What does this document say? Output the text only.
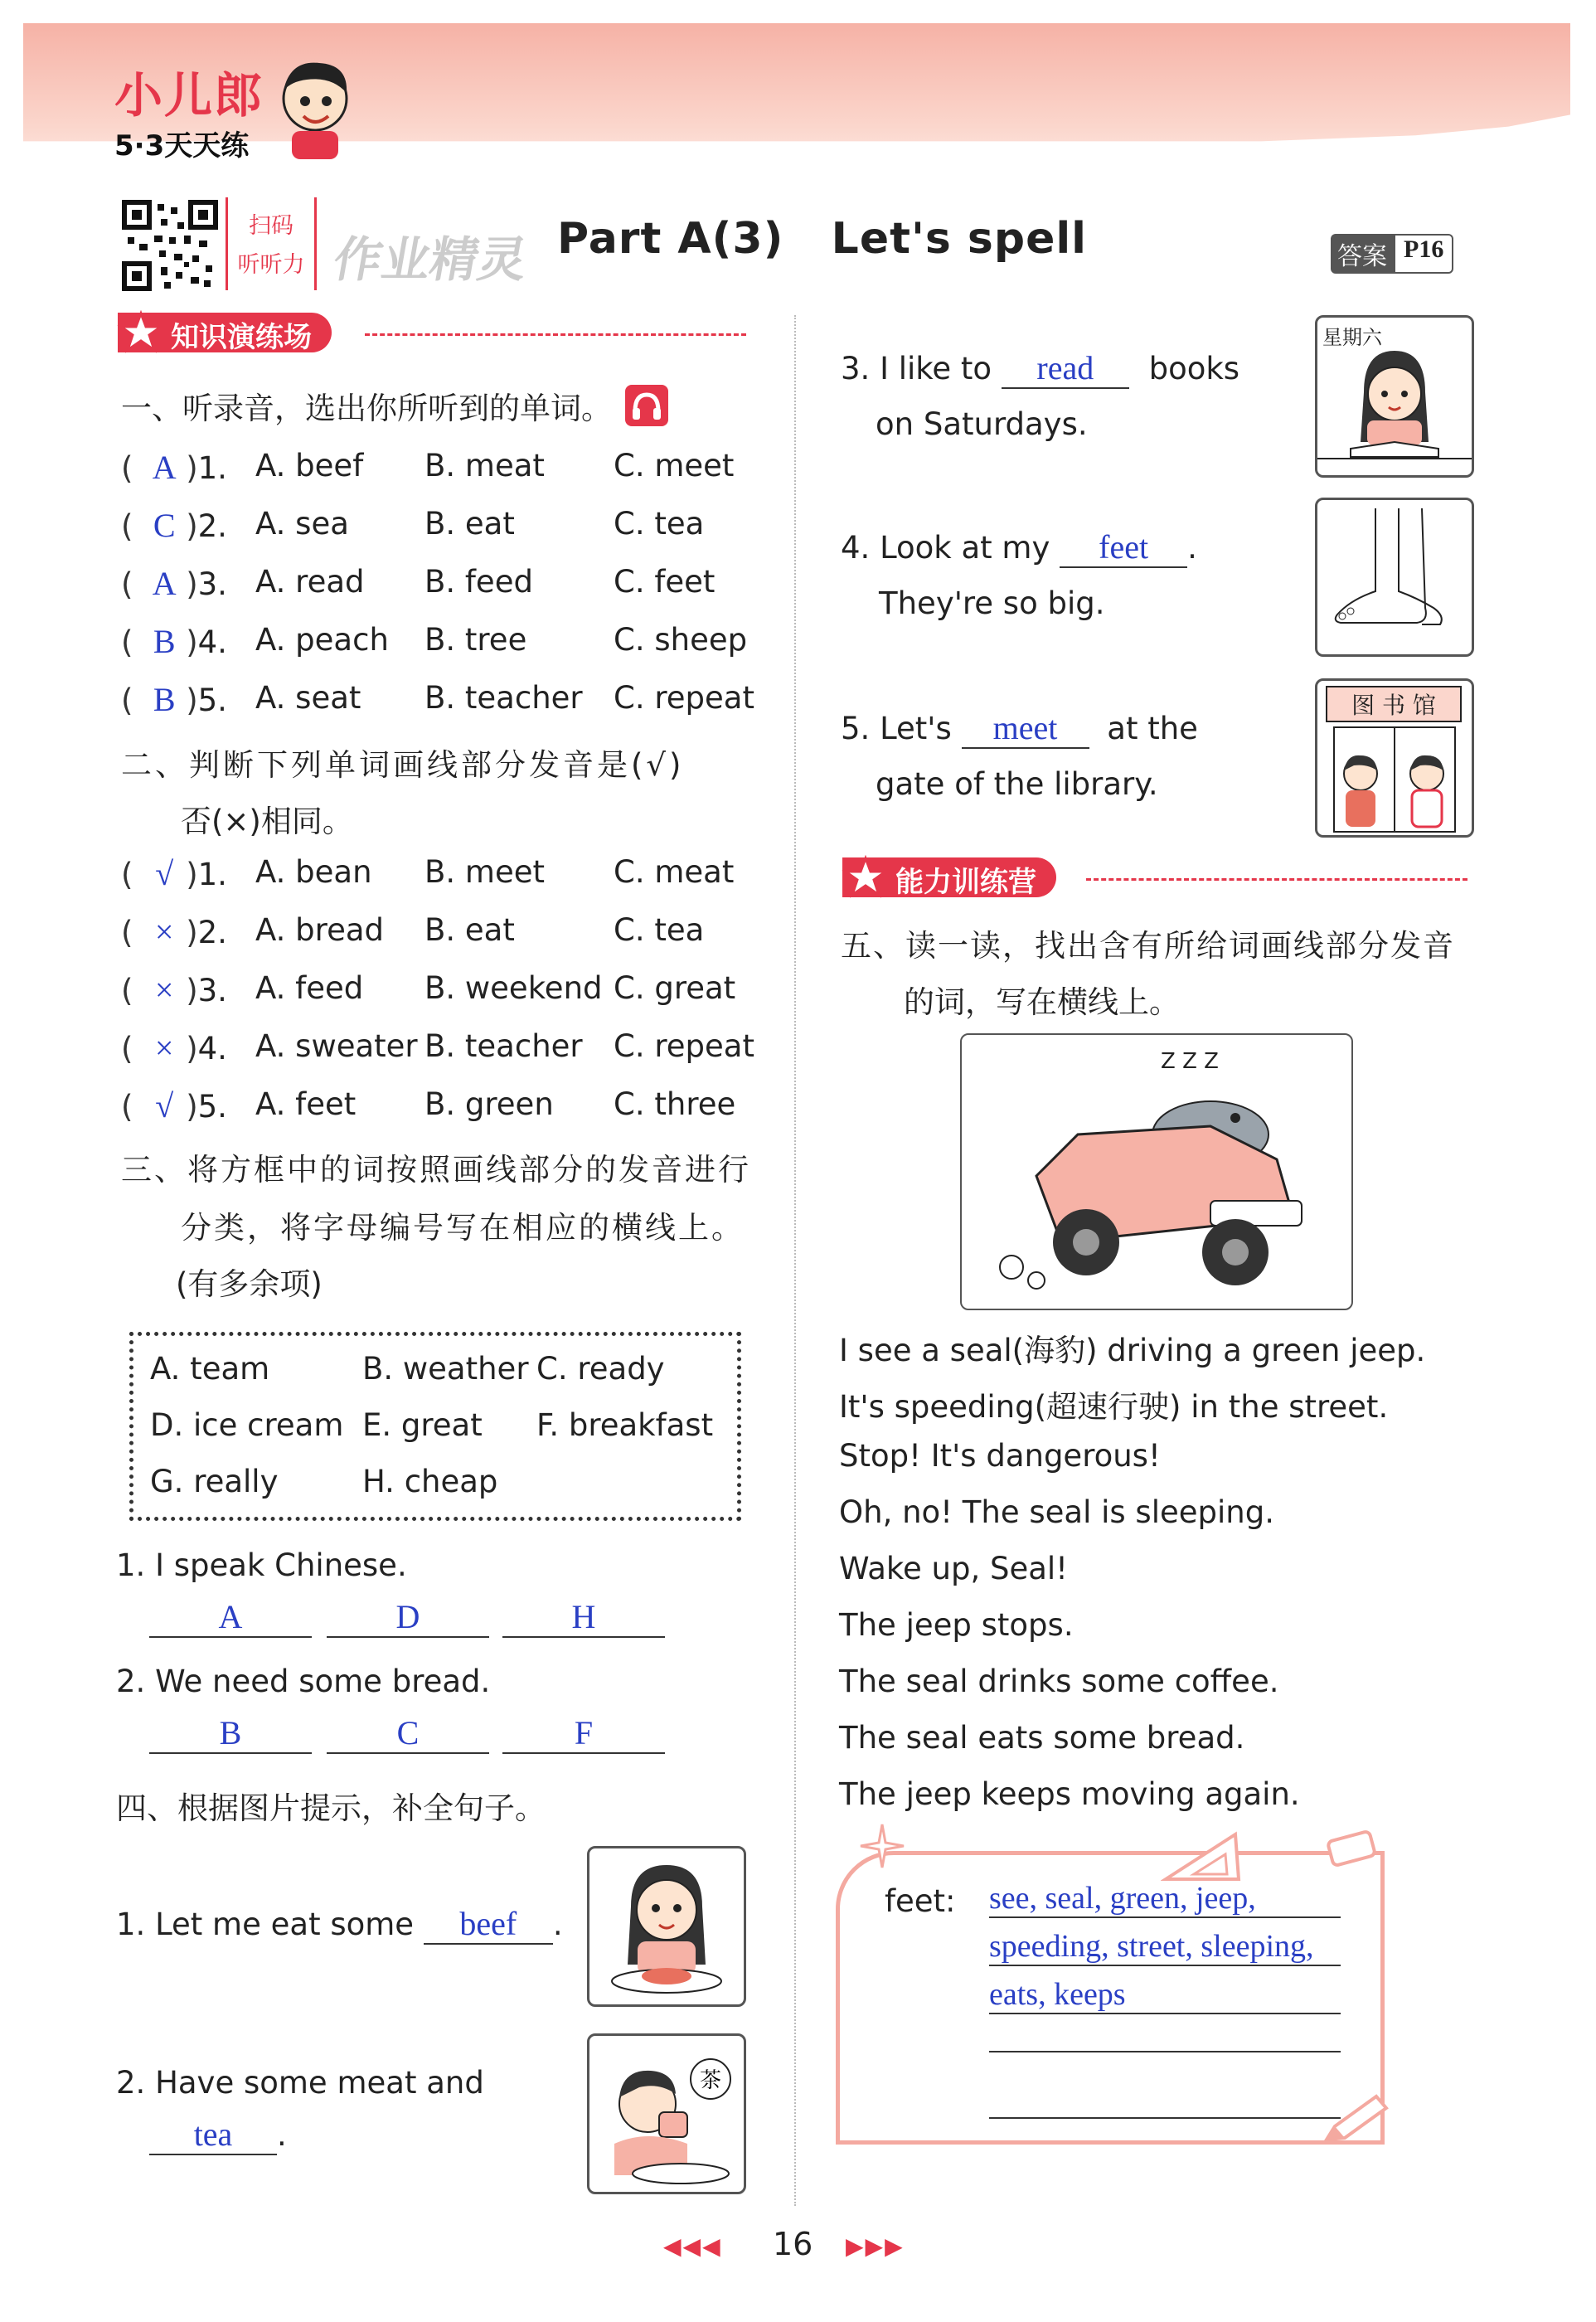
小儿郎
5·3天天练
扫码
听听力 作业精灵 Part A(3)   Let's spell	答案 P16
知识演练场
一、听录音，选出你所听到的单词。
( A )1. A. beef B. meat C. meet
( C )2. A. sea B. eat	C. tea
( A )3. A. read B. feed	C. feet
( B )4. A. peach B. tree	C. sheep
( B )5. A. seat B. teacher C. repeat
二、判断下列单词画线部分发音是(√)
否(×)相同。
( √ )1. A. bean B. meet C. meat
( × )2. A. bread B. eat	C. tea
( × )3. A. feed B. weekend C. great
( × )4. A. sweater B. teacher C. repeat
( √ )5. A. feet B. green C. three
三、将方框中的词按照画线部分的发音进行
分类，将字母编号写在相应的横线上。
(有多余项)
A. team	B. weather C. ready
D. ice cream E. great F. breakfast
G. really	H. cheap
1. I speak Chinese.
A	D	H
2. We need some bread.
B	C	F
四、根据图片提示，补全句子。
1. Let me eat some beef .
2. Have some meat and
tea .
茶
3. I like to read books
on Saturdays.
星期六
4. Look at my feet .
They're so big.
5. Let's meet at the
gate of the library.
图 书 馆
能力训练营
五、读一读，找出含有所给词画线部分发音
的词，写在横线上。
Z Z Z
I see a seal(海豹) driving a green jeep.
It's speeding(超速行驶) in the street.
Stop! It's dangerous!
Oh, no! The seal is sleeping.
Wake up, Seal!
The jeep stops.
The seal drinks some coffee.
The seal eats some bread.
The jeep keeps moving again.
feet: see, seal, green, jeep,
speeding, street, sleeping,
eats, keeps
◀◀◀ 16 ▶▶▶
